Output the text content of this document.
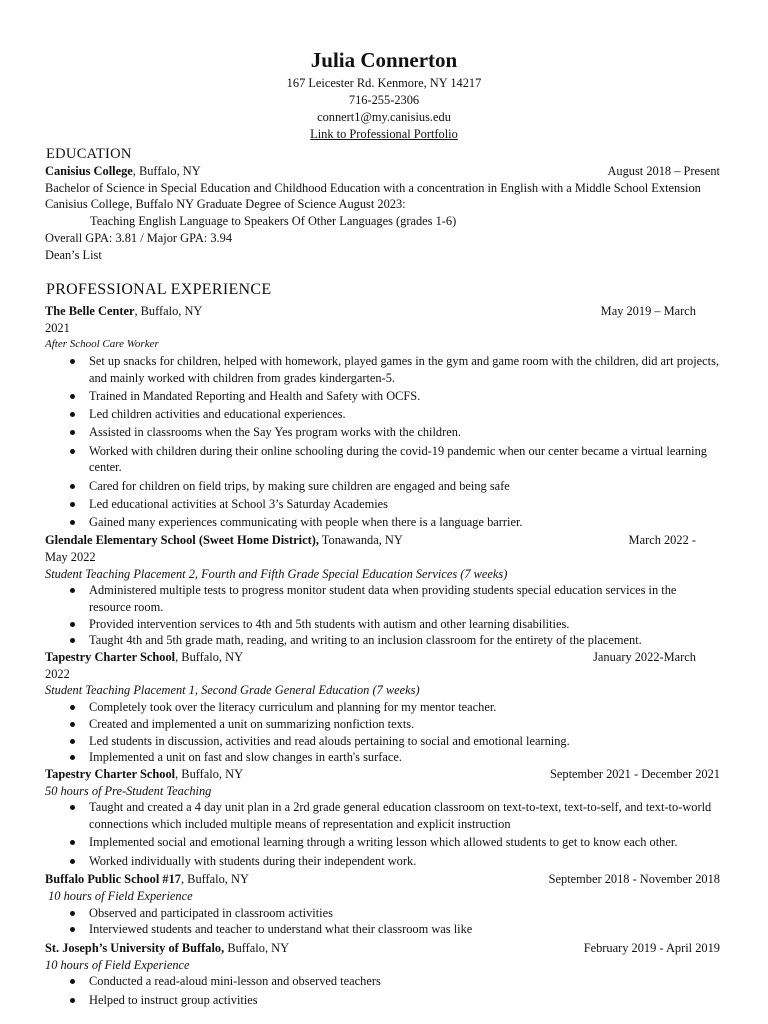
Julia Connerton
167 Leicester Rd. Kenmore, NY 14217
716-255-2306
connert1@my.canisius.edu
Link to Professional Portfolio
EDUCATION
Canisius College, Buffalo, NY	August 2018 – Present
Bachelor of Science in Special Education and Childhood Education with a concentration in English with a Middle School Extension
Canisius College, Buffalo NY Graduate Degree of Science August 2023:
Teaching English Language to Speakers Of Other Languages (grades 1-6)
Overall GPA: 3.81 / Major GPA: 3.94
Dean’s List
PROFESSIONAL EXPERIENCE
The Belle Center, Buffalo, NY	May 2019 – March
2021
After School Care Worker
Set up snacks for children, helped with homework, played games in the gym and game room with the children, did art projects, and mainly worked with children from grades kindergarten-5.
Trained in Mandated Reporting and Health and Safety with OCFS.
Led children activities and educational experiences.
Assisted in classrooms when the Say Yes program works with the children.
Worked with children during their online schooling during the covid-19 pandemic when our center became a virtual learning center.
Cared for children on field trips, by making sure children are engaged and being safe
Led educational activities at School 3’s Saturday Academies
Gained many experiences communicating with people when there is a language barrier.
Glendale Elementary School (Sweet Home District), Tonawanda, NY	March 2022 -
May 2022
Student Teaching Placement 2, Fourth and Fifth Grade Special Education Services (7 weeks)
Administered multiple tests to progress monitor student data when providing students special education services in the resource room.
Provided intervention services to 4th and 5th students with autism and other learning disabilities.
Taught 4th and 5th grade math, reading, and writing to an inclusion classroom for the entirety of the placement.
Tapestry Charter School, Buffalo, NY	January 2022-March
2022
Student Teaching Placement 1, Second Grade General Education (7 weeks)
Completely took over the literacy curriculum and planning for my mentor teacher.
Created and implemented a unit on summarizing nonfiction texts.
Led students in discussion, activities and read alouds pertaining to social and emotional learning.
Implemented a unit on fast and slow changes in earth's surface.
Tapestry Charter School, Buffalo, NY	September 2021 - December 2021
50 hours of Pre-Student Teaching
Taught and created a 4 day unit plan in a 2rd grade general education classroom on text-to-text, text-to-self, and text-to-world connections which included multiple means of representation and explicit instruction
Implemented social and emotional learning through a writing lesson which allowed students to get to know each other.
Worked individually with students during their independent work.
Buffalo Public School #17, Buffalo, NY	September 2018 - November 2018
10 hours of Field Experience
Observed and participated in classroom activities
Interviewed students and teacher to understand what their classroom was like
St. Joseph’s University of Buffalo, Buffalo, NY	February 2019 - April 2019
10 hours of Field Experience
Conducted a read-aloud mini-lesson and observed teachers
Helped to instruct group activities
